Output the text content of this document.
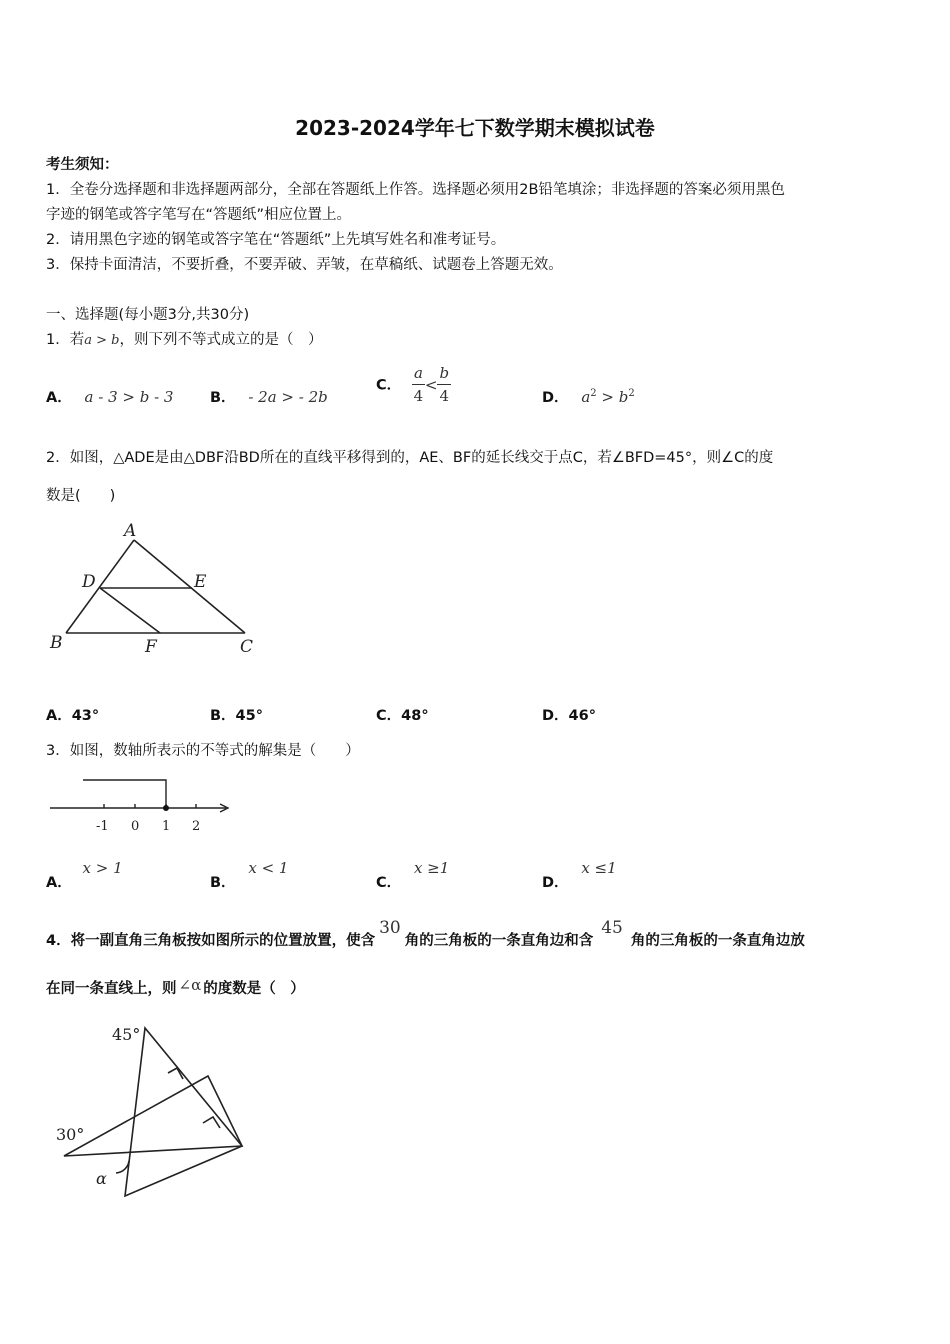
2023-2024学年七下数学期末模拟试卷
考生须知：
1．全卷分选择题和非选择题两部分，全部在答题纸上作答。选择题必须用2B铅笔填涂；非选择题的答案必须用黑色
字迹的钢笔或答字笔写在“答题纸”相应位置上。
2．请用黑色字迹的钢笔或答字笔在“答题纸”上先填写姓名和准考证号。
3．保持卡面清洁，不要折叠，不要弄破、弄皱，在草稿纸、试题卷上答题无效。
一、选择题(每小题3分,共30分)
1．若a > b，则下列不等式成立的是（　）
A． a - 3 > b - 3	B． - 2a > - 2b
C． $\frac{a}{4} < \frac{b}{4}$	D． $a^2 > b^2$
2．如图，△ADE是由△DBF沿BD所在的直线平移得到的，AE、BF的延长线交于点C，若∠BFD=45°，则∠C的度
数是(　　)
A
D	E
B	F	C
A．43°	B．45°	C．48°	D．46°
3．如图，数轴所表示的不等式的解集是（　　）
-1 0 1 2
A． x > 1
B． x < 1
C． x ≥1
D． x ≤1
4．将一副直角三角板按如图所示的位置放置，使含30角的三角板的一条直角边和含45角的三角板的一条直角边放
在同一条直线上，则 ∠α 的度数是（　）
45°
30°
α
